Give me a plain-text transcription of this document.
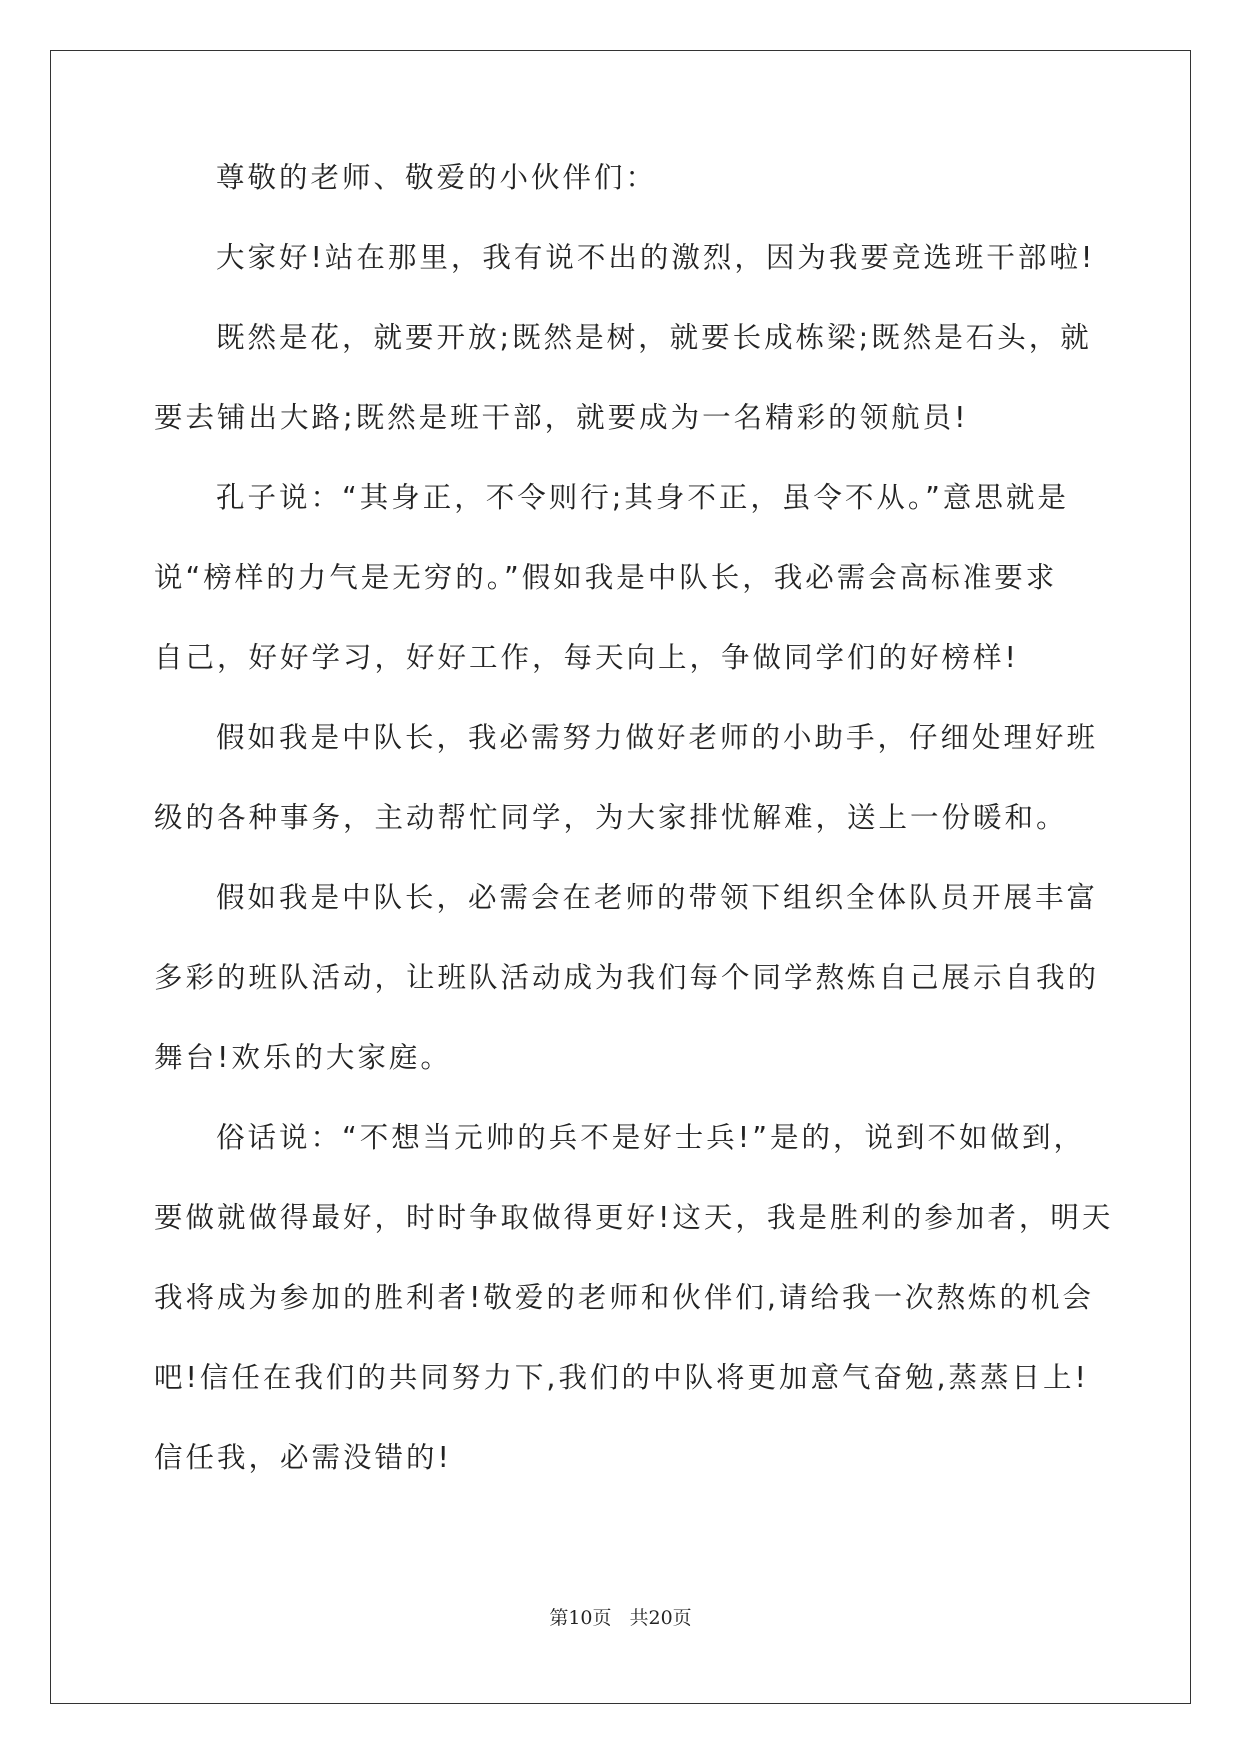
尊敬的老师、敬爱的小伙伴们：
大家好!站在那里，我有说不出的激烈，因为我要竞选班干部啦!
既然是花，就要开放;既然是树，就要长成栋梁;既然是石头，就
要去铺出大路;既然是班干部，就要成为一名精彩的领航员!
孔子说：“其身正，不令则行;其身不正，虽令不从。”意思就是
说“榜样的力气是无穷的。”假如我是中队长，我必需会高标准要求
自己，好好学习，好好工作，每天向上，争做同学们的好榜样!
假如我是中队长，我必需努力做好老师的小助手，仔细处理好班
级的各种事务，主动帮忙同学，为大家排忧解难，送上一份暖和。
假如我是中队长，必需会在老师的带领下组织全体队员开展丰富
多彩的班队活动，让班队活动成为我们每个同学熬炼自己展示自我的
舞台!欢乐的大家庭。
俗话说：“不想当元帅的兵不是好士兵!”是的，说到不如做到，
要做就做得最好，时时争取做得更好!这天，我是胜利的参加者，明天
我将成为参加的胜利者!敬爱的老师和伙伴们,请给我一次熬炼的机会
吧!信任在我们的共同努力下,我们的中队将更加意气奋勉,蒸蒸日上!
信任我，必需没错的!
第10页 共20页
